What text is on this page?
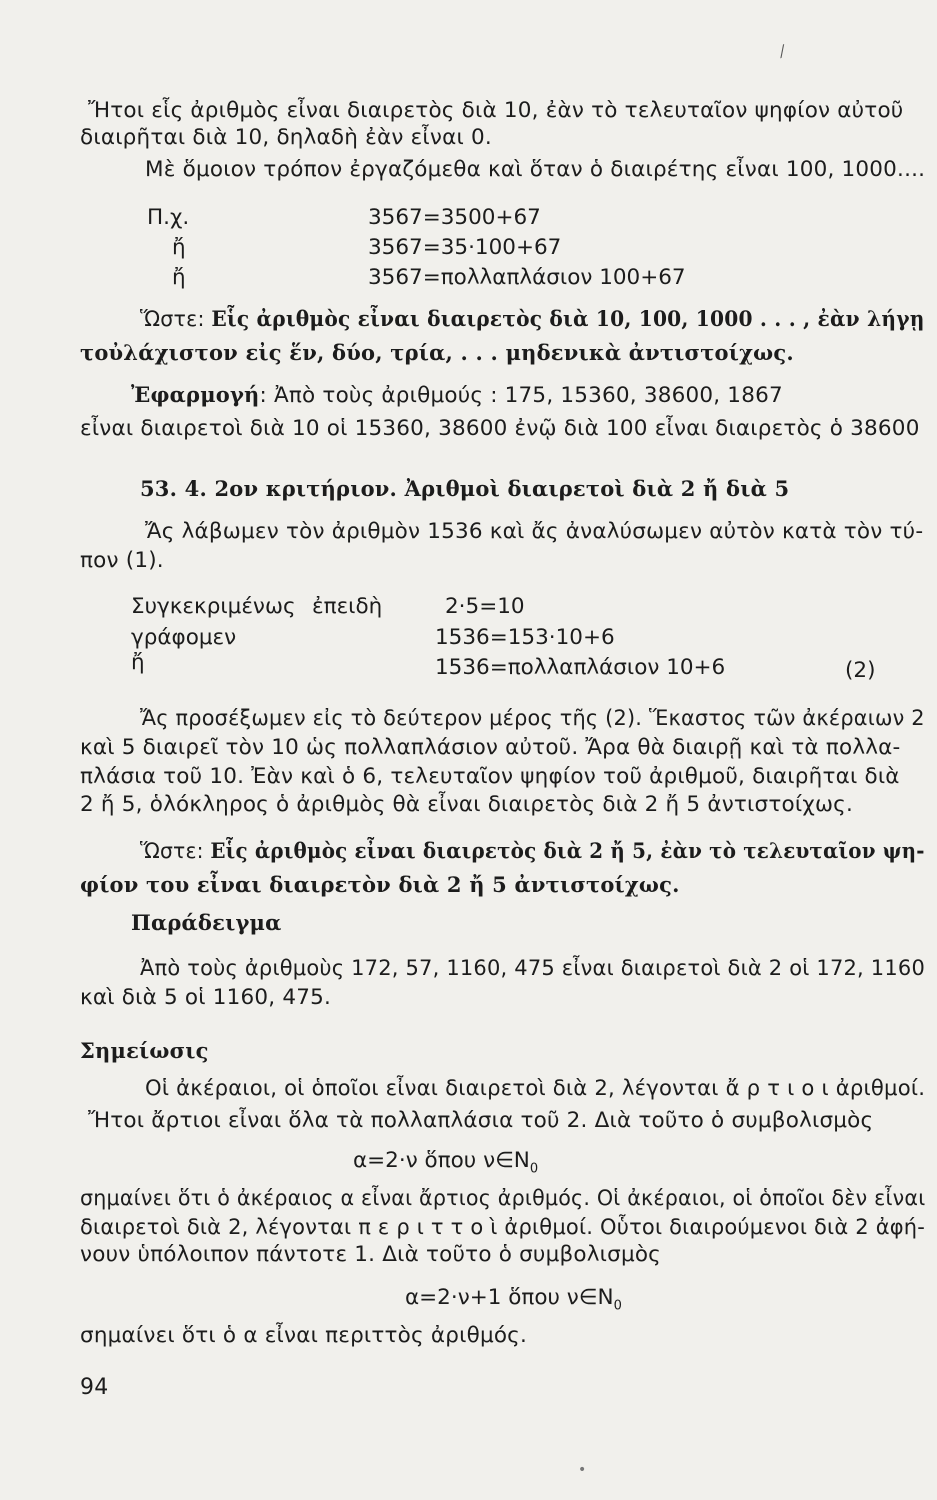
Ἤτοι εἷς ἀριθμὸς εἶναι διαιρετὸς διὰ 10, ἐὰν τὸ τελευταῖον ψηφίον αὐτοῦ
διαιρῆται διὰ 10, δηλαδὴ ἐὰν εἶναι 0.
Μὲ ὅμοιον τρόπον ἐργαζόμεθα καὶ ὅταν ὁ διαιρέτης εἶναι 100, 1000....
Π.χ.	3567=3500+67
ἤ	3567=35·100+67
ἤ	3567=πολλαπλάσιον 100+67
Ὥστε: Εἷς ἀριθμὸς εἶναι διαιρετὸς διὰ 10, 100, 1000 . . . , ἐὰν λήγῃ
τοὐλάχιστον εἰς ἕν, δύο, τρία, . . . μηδενικὰ ἀντιστοίχως.
Ἐφαρμογή: Ἀπὸ τοὺς ἀριθμούς : 175, 15360, 38600, 1867
εἶναι διαιρετοὶ διὰ 10 οἱ 15360, 38600 ἐνῷ διὰ 100 εἶναι διαιρετὸς ὁ 38600
53. 4. 2ον κριτήριον. Ἀριθμοὶ διαιρετοὶ διὰ 2 ἤ διὰ 5
Ἄς λάβωμεν τὸν ἀριθμὸν 1536 καὶ ἄς ἀναλύσωμεν αὐτὸν κατὰ τὸν τύ-
πον (1).
Συγκεκριμένως ἐπειδὴ	2·5=10
γράφομεν	1536=153·10+6
ἤ	1536=πολλαπλάσιον 10+6	(2)
Ἄς προσέξωμεν εἰς τὸ δεύτερον μέρος τῆς (2). Ἕκαστος τῶν ἀκέραιων 2
καὶ 5 διαιρεῖ τὸν 10 ὡς πολλαπλάσιον αὐτοῦ. Ἄρα θὰ διαιρῇ καὶ τὰ πολλα-
πλάσια τοῦ 10. Ἐὰν καὶ ὁ 6, τελευταῖον ψηφίον τοῦ ἀριθμοῦ, διαιρῆται διὰ
2 ἤ 5, ὁλόκληρος ὁ ἀριθμὸς θὰ εἶναι διαιρετὸς διὰ 2 ἤ 5 ἀντιστοίχως.
Ὥστε: Εἷς ἀριθμὸς εἶναι διαιρετὸς διὰ 2 ἤ 5, ἐὰν τὸ τελευταῖον ψη-
φίον του εἶναι διαιρετὸν διὰ 2 ἤ 5 ἀντιστοίχως.
Παράδειγμα
Ἀπὸ τοὺς ἀριθμοὺς 172, 57, 1160, 475 εἶναι διαιρετοὶ διὰ 2 οἱ 172, 1160
καὶ διὰ 5 οἱ 1160, 475.
Σημείωσις
Οἱ ἀκέραιοι, οἱ ὁποῖοι εἶναι διαιρετοὶ διὰ 2, λέγονται ἄ ρ τ ι ο ι ἀριθμοί.
Ἤτοι ἄρτιοι εἶναι ὅλα τὰ πολλαπλάσια τοῦ 2. Διὰ τοῦτο ὁ συμβολισμὸς
α=2·ν ὅπου $\nu\in N_0$
σημαίνει ὅτι ὁ ἀκέραιος α εἶναι ἄρτιος ἀριθμός. Οἱ ἀκέραιοι, οἱ ὁποῖοι δὲν εἶναι
διαιρετοὶ διὰ 2, λέγονται π ε ρ ι τ τ ο ὶ ἀριθμοί. Οὗτοι διαιρούμενοι διὰ 2 ἀφή-
νουν ὑπόλοιπον πάντοτε 1. Διὰ τοῦτο ὁ συμβολισμὸς
α=2·ν+1 ὅπου $\nu\in N_0$
σημαίνει ὅτι ὁ α εἶναι περιττὸς ἀριθμός.
94
⁄
•
